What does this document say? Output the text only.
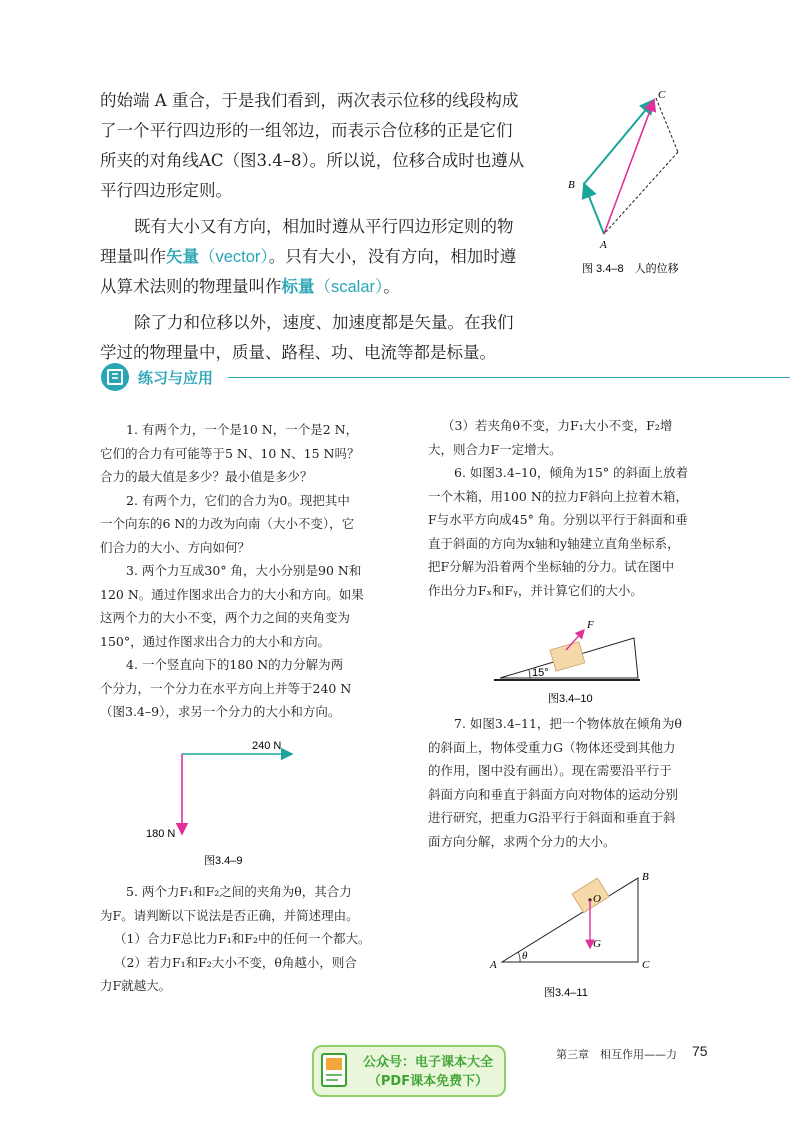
的始端 A 重合，于是我们看到，两次表示位移的线段构成

了一个平行四边形的一组邻边，而表示合位移的正是它们

所夹的对角线AC（图3.4–8）。所以说，位移合成时也遵从

平行四边形定则。

既有大小又有方向，相加时遵从平行四边形定则的物

理量叫作矢量（vector）。只有大小，没有方向，相加时遵

从算术法则的物理量叫作标量（scalar）。

除了力和位移以外，速度、加速度都是矢量。在我们

学过的物理量中，质量、路程、功、电流等都是标量。

A
B
C
图 3.4–8　人的位移
练习与应用

1. 有两个力，一个是10 N，一个是2 N，

它们的合力有可能等于5 N、10 N、15 N吗？

合力的最大值是多少？最小值是多少？

2. 有两个力，它们的合力为0。现把其中

一个向东的6 N的力改为向南（大小不变），它

们合力的大小、方向如何？

3. 两个力互成30° 角，大小分别是90 N和

120 N。通过作图求出合力的大小和方向。如果

这两个力的大小不变，两个力之间的夹角变为

150°，通过作图求出合力的大小和方向。

4. 一个竖直向下的180 N的力分解为两

个分力，一个分力在水平方向上并等于240 N

（图3.4–9），求另一个分力的大小和方向。

240 N
180 N
图3.4–9

5. 两个力F₁和F₂之间的夹角为θ，其合力

为F。请判断以下说法是否正确，并简述理由。

（1）合力F总比力F₁和F₂中的任何一个都大。

（2）若力F₁和F₂大小不变，θ角越小，则合

力F就越大。

（3）若夹角θ不变，力F₁大小不变，F₂增

大，则合力F一定增大。

6. 如图3.4–10，倾角为15° 的斜面上放着

一个木箱，用100 N的拉力F斜向上拉着木箱，

F与水平方向成45° 角。分别以平行于斜面和垂

直于斜面的方向为x轴和y轴建立直角坐标系，

把F分解为沿着两个坐标轴的分力。试在图中

作出分力Fₓ和Fᵧ，并计算它们的大小。

F
15°
图3.4–10

7. 如图3.4–11，把一个物体放在倾角为θ

的斜面上，物体受重力G（物体还受到其他力

的作用，图中没有画出）。现在需要沿平行于

斜面方向和垂直于斜面方向对物体的运动分别

进行研究，把重力G沿平行于斜面和垂直于斜

面方向分解，求两个分力的大小。

A
B
C
O
G
θ
图3.4–11
第三章　相互作用——力 75
公众号：电子课本大全
（PDF课本免费下）
